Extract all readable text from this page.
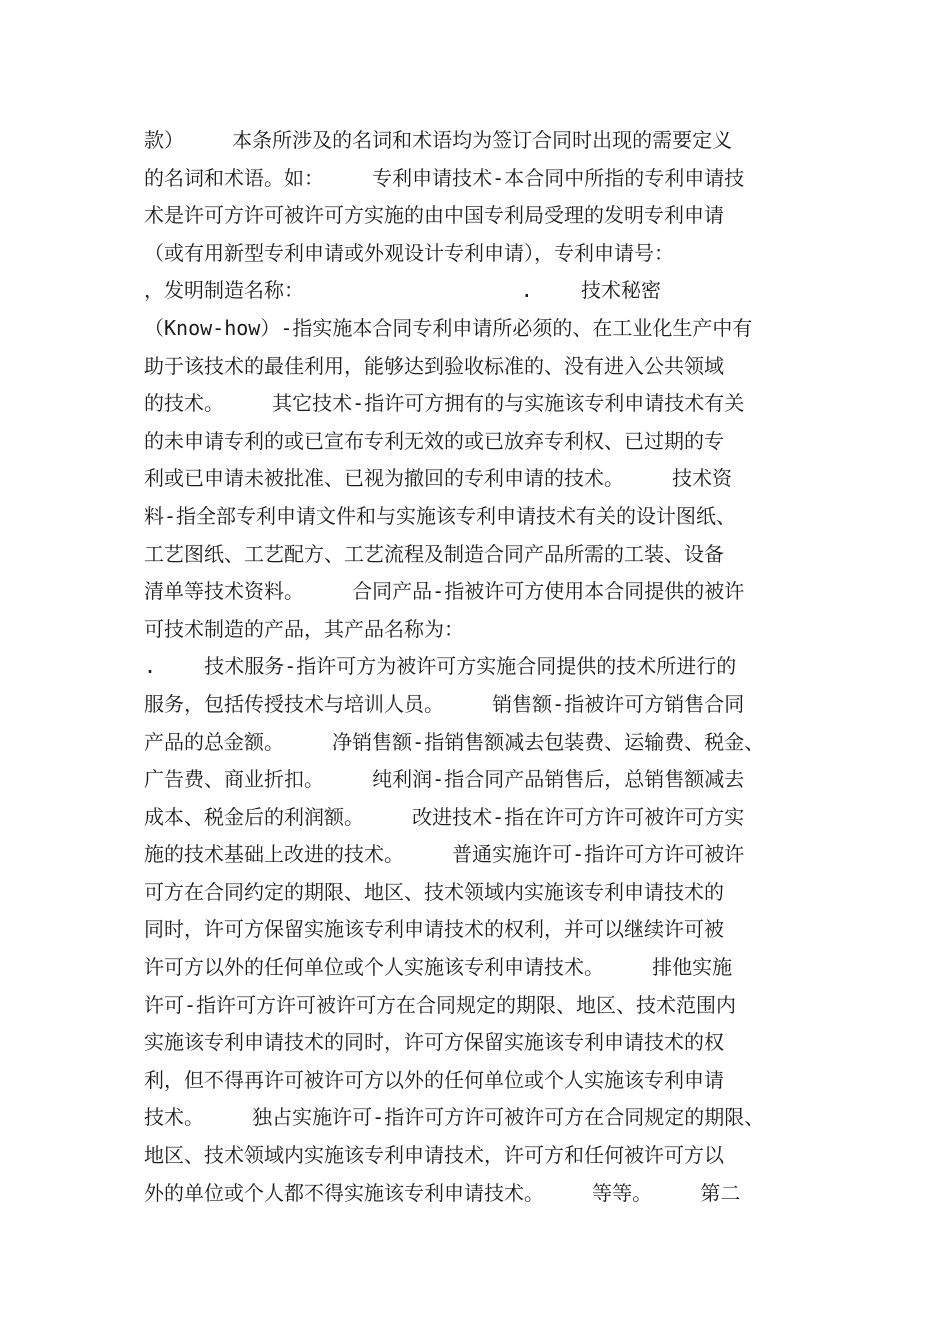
款）    本条所涉及的名词和术语均为签订合同时出现的需要定义
的名词和术语。如：    专利申请技术-本合同中所指的专利申请技
术是许可方许可被许可方实施的由中国专利局受理的发明专利申请
（或有用新型专利申请或外观设计专利申请），专利申请号：
，发明制造名称：                  .    技术秘密
（Know-how）-指实施本合同专利申请所必须的、在工业化生产中有
助于该技术的最佳利用，能够达到验收标准的、没有进入公共领域
的技术。    其它技术-指许可方拥有的与实施该专利申请技术有关
的未申请专利的或已宣布专利无效的或已放弃专利权、已过期的专
利或已申请未被批准、已视为撤回的专利申请的技术。    技术资
料-指全部专利申请文件和与实施该专利申请技术有关的设计图纸、
工艺图纸、工艺配方、工艺流程及制造合同产品所需的工装、设备
清单等技术资料。    合同产品-指被许可方使用本合同提供的被许
可技术制造的产品，其产品名称为：
.    技术服务-指许可方为被许可方实施合同提供的技术所进行的
服务，包括传授技术与培训人员。    销售额-指被许可方销售合同
产品的总金额。    净销售额-指销售额减去包装费、运输费、税金、
广告费、商业折扣。    纯利润-指合同产品销售后，总销售额减去
成本、税金后的利润额。    改进技术-指在许可方许可被许可方实
施的技术基础上改进的技术。    普通实施许可-指许可方许可被许
可方在合同约定的期限、地区、技术领域内实施该专利申请技术的
同时，许可方保留实施该专利申请技术的权利，并可以继续许可被
许可方以外的任何单位或个人实施该专利申请技术。    排他实施
许可-指许可方许可被许可方在合同规定的期限、地区、技术范围内
实施该专利申请技术的同时，许可方保留实施该专利申请技术的权
利，但不得再许可被许可方以外的任何单位或个人实施该专利申请
技术。    独占实施许可-指许可方许可被许可方在合同规定的期限、
地区、技术领域内实施该专利申请技术，许可方和任何被许可方以
外的单位或个人都不得实施该专利申请技术。    等等。    第二
